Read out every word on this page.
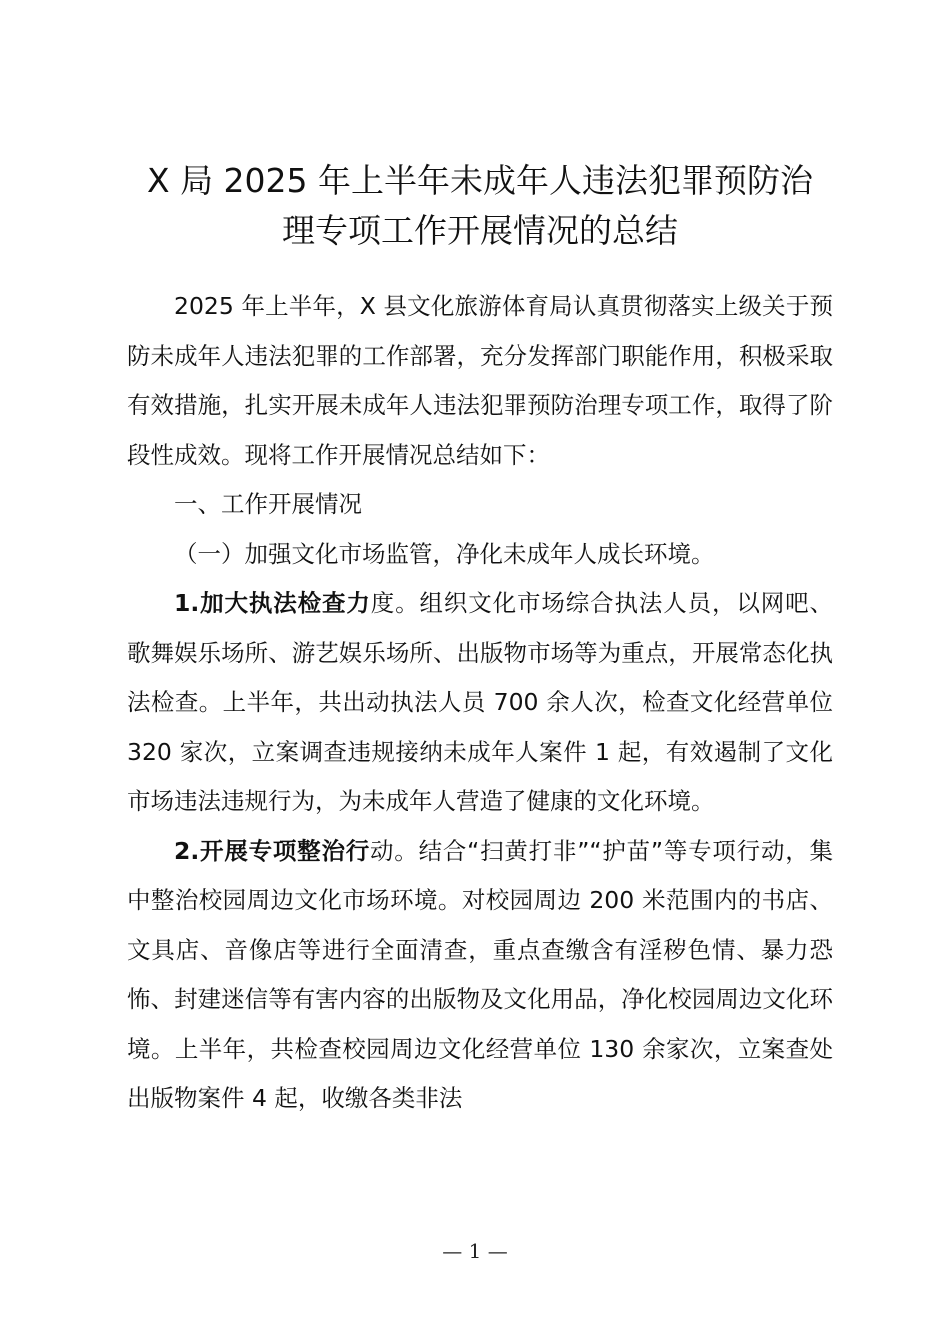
X 局 2025 年上半年未成年人违法犯罪预防治
理专项工作开展情况的总结

2025 年上半年，X 县文化旅游体育局认真贯彻落实上级关于预防未成年人违法犯罪的工作部署，充分发挥部门职能作用，积极采取有效措施，扎实开展未成年人违法犯罪预防治理专项工作，取得了阶段性成效。现将工作开展情况总结如下：

一、工作开展情况

（一）加强文化市场监管，净化未成年人成长环境。

1.加大执法检查力度。组织文化市场综合执法人员，以网吧、歌舞娱乐场所、游艺娱乐场所、出版物市场等为重点，开展常态化执法检查。上半年，共出动执法人员 700 余人次，检查文化经营单位 320 家次，立案调查违规接纳未成年人案件 1 起，有效遏制了文化市场违法违规行为，为未成年人营造了健康的文化环境。

2.开展专项整治行动。结合“扫黄打非”“护苗”等专项行动，集中整治校园周边文化市场环境。对校园周边 200 米范围内的书店、文具店、音像店等进行全面清查，重点查缴含有淫秽色情、暴力恐怖、封建迷信等有害内容的出版物及文化用品，净化校园周边文化环境。上半年，共检查校园周边文化经营单位 130 余家次，立案查处出版物案件 4 起，收缴各类非法

— 1 —
